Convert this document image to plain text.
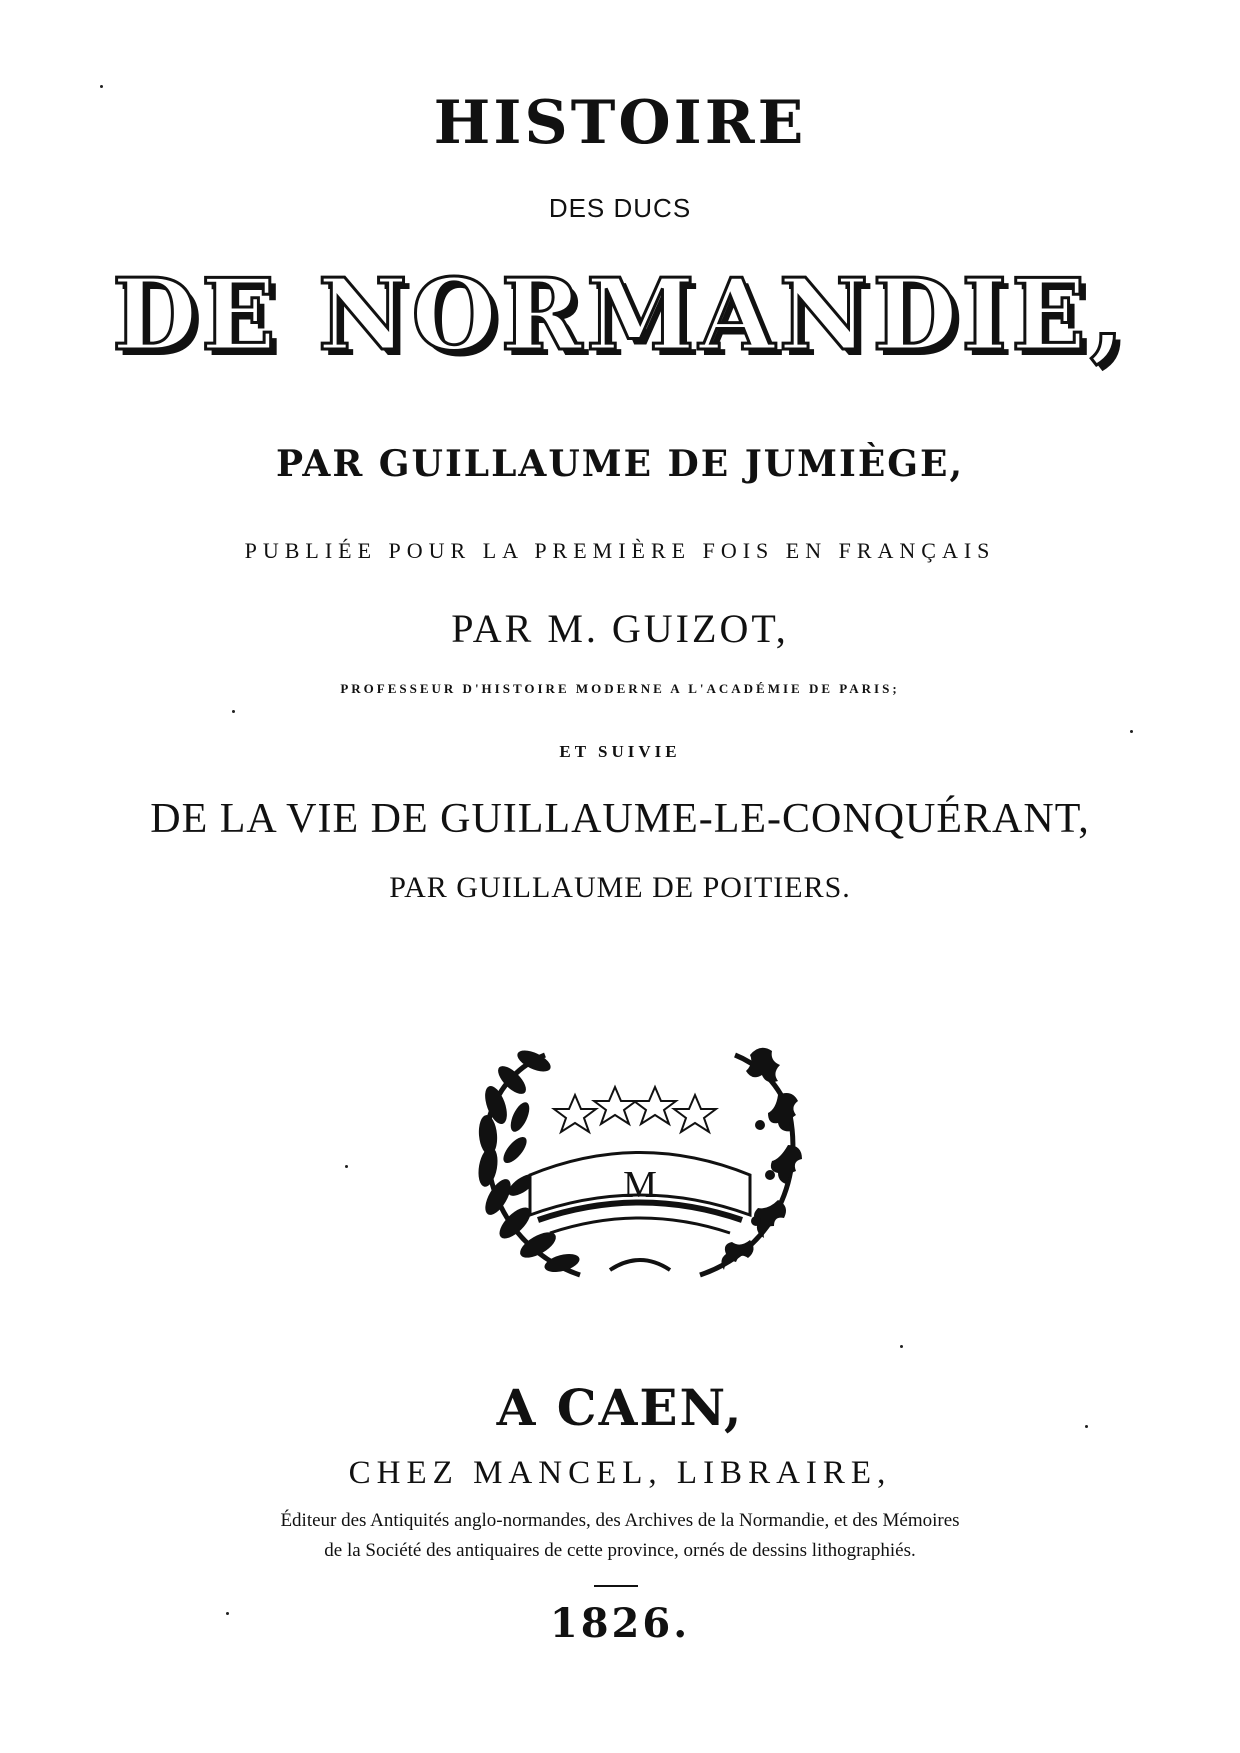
HISTOIRE
DES DUCS
DE NORMANDIE,
PAR GUILLAUME DE JUMIÈGE,
PUBLIÉE POUR LA PREMIÈRE FOIS EN FRANÇAIS
PAR M. GUIZOT,
PROFESSEUR D'HISTOIRE MODERNE A L'ACADÉMIE DE PARIS;
ET SUIVIE
DE LA VIE DE GUILLAUME-LE-CONQUÉRANT,
PAR GUILLAUME DE POITIERS.
M
A CAEN,
CHEZ MANCEL, LIBRAIRE,
Éditeur des Antiquités anglo-normandes, des Archives de la Normandie, et des Mémoires
de la Société des antiquaires de cette province, ornés de dessins lithographiés.
1826.
